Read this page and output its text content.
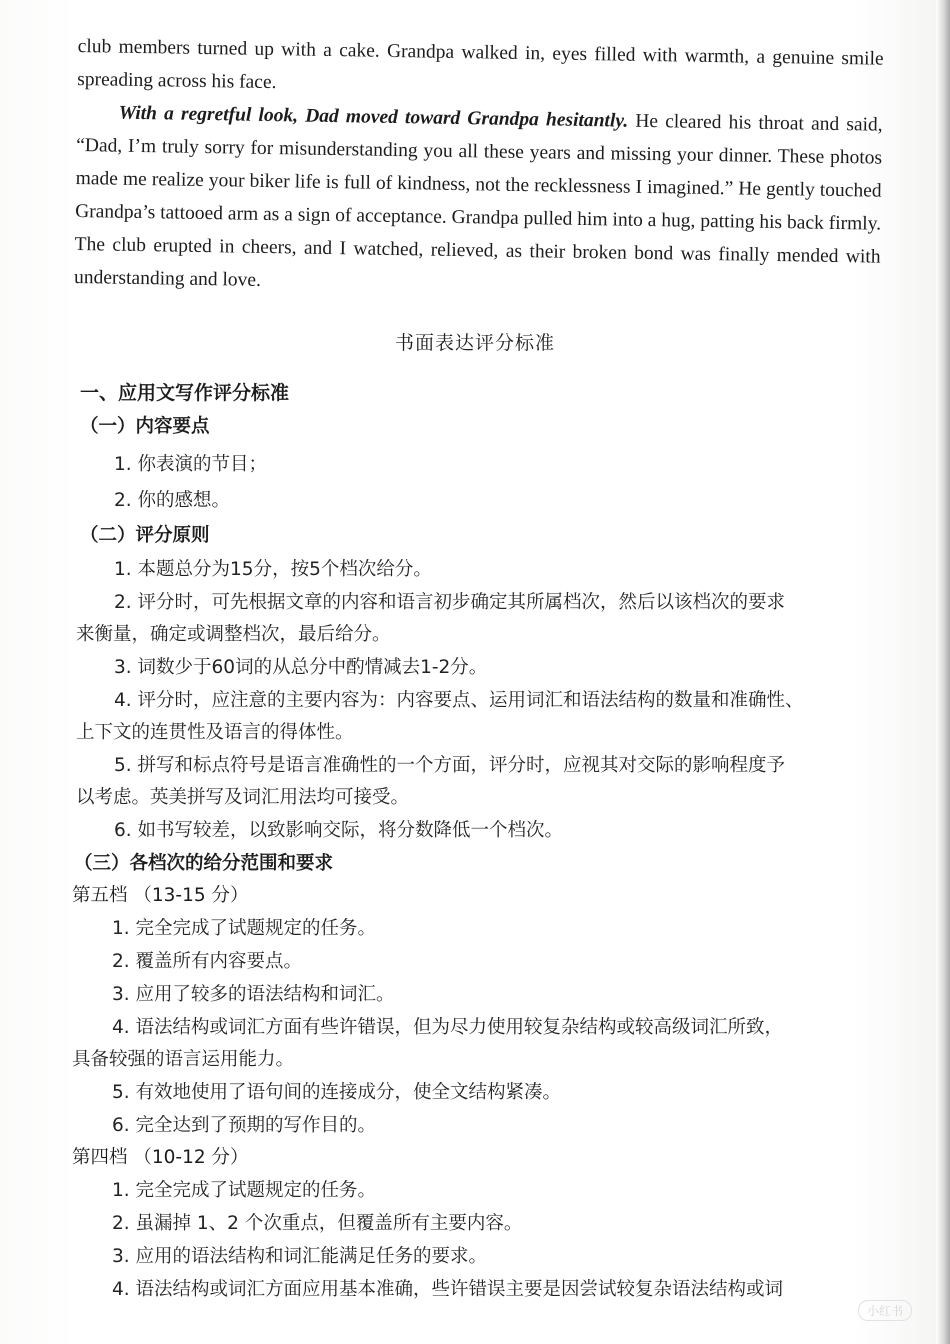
club members turned up with a cake. Grandpa walked in, eyes filled with warmth, a genuine smile spreading across his face.

With a regretful look, Dad moved toward Grandpa hesitantly. He cleared his throat and said, “Dad, I’m truly sorry for misunderstanding you all these years and missing your dinner. These photos made me realize your biker life is full of kindness, not the recklessness I imagined.” He gently touched Grandpa’s tattooed arm as a sign of acceptance. Grandpa pulled him into a hug, patting his back firmly. The club erupted in cheers, and I watched, relieved, as their broken bond was finally mended with understanding and love.

书面表达评分标准
一、应用文写作评分标准
（一）内容要点
1. 你表演的节目；
2. 你的感想。
（二）评分原则
1. 本题总分为15分，按5个档次给分。
2. 评分时，可先根据文章的内容和语言初步确定其所属档次，然后以该档次的要求
来衡量，确定或调整档次，最后给分。
3. 词数少于60词的从总分中酌情减去1-2分。
4. 评分时，应注意的主要内容为：内容要点、运用词汇和语法结构的数量和准确性、
上下文的连贯性及语言的得体性。
5. 拼写和标点符号是语言准确性的一个方面，评分时，应视其对交际的影响程度予
以考虑。英美拼写及词汇用法均可接受。
6. 如书写较差，以致影响交际，将分数降低一个档次。
（三）各档次的给分范围和要求
第五档 （13-15 分）
1. 完全完成了试题规定的任务。
2. 覆盖所有内容要点。
3. 应用了较多的语法结构和词汇。
4. 语法结构或词汇方面有些许错误，但为尽力使用较复杂结构或较高级词汇所致，
具备较强的语言运用能力。
5. 有效地使用了语句间的连接成分，使全文结构紧凑。
6. 完全达到了预期的写作目的。
第四档 （10-12 分）
1. 完全完成了试题规定的任务。
2. 虽漏掉 1、2 个次重点，但覆盖所有主要内容。
3. 应用的语法结构和词汇能满足任务的要求。
4. 语法结构或词汇方面应用基本准确，些许错误主要是因尝试较复杂语法结构或词
小红书
